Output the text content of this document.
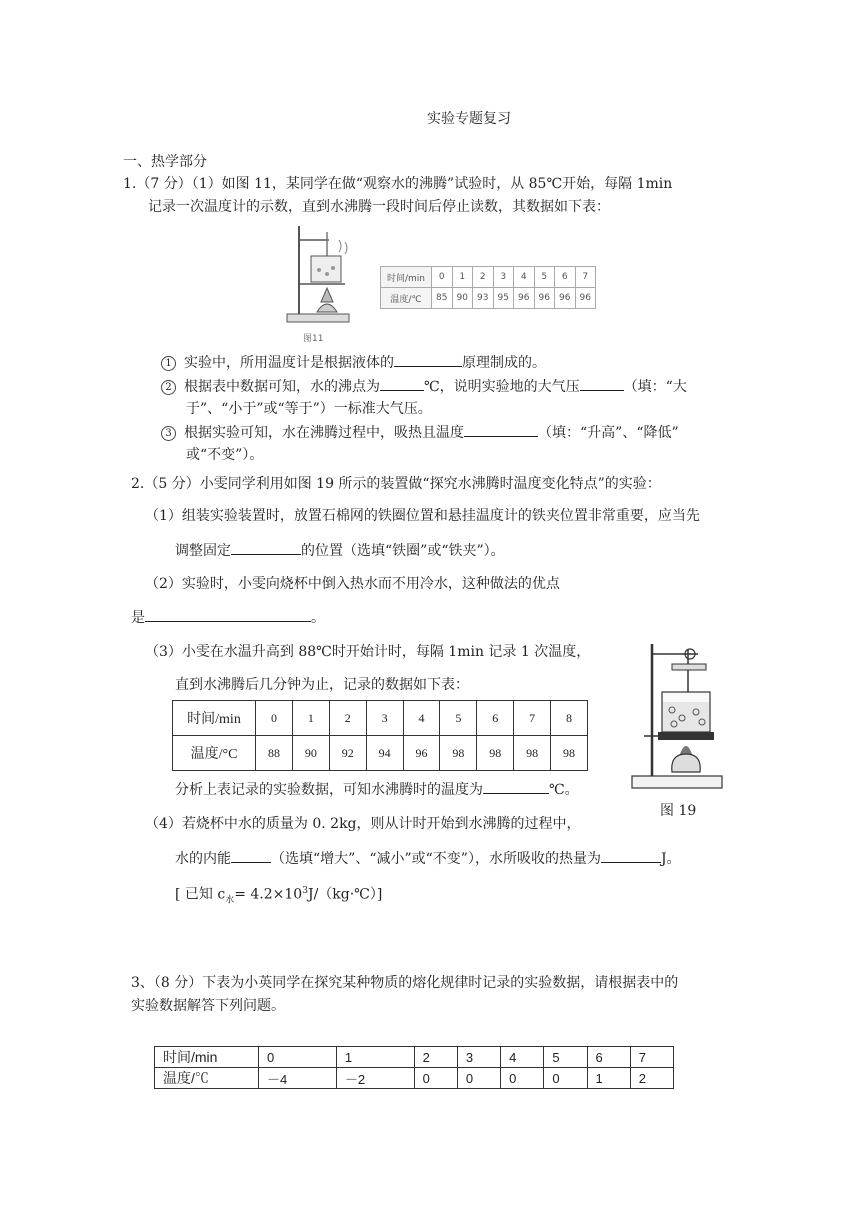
实验专题复习
一、热学部分
1.（7 分）（1）如图 11，某同学在做“观察水的沸腾”试验时，从 85℃开始，每隔 1min
记录一次温度计的示数，直到水沸腾一段时间后停止读数，其数据如下表：
图11
时间/min	0	1	2	3	4	5	6	7
温度/℃	85	90	93	95	96	96	96	96
1 实验中，所用温度计是根据液体的	原理制成的。
2 根据表中数据可知，水的沸点为	℃，说明实验地的大气压	（填：“大
于”、“小于”或“等于”）一标准大气压。
3 根据实验可知，水在沸腾过程中，吸热且温度	（填：“升高”、“降低”
或“不变”）。
2.（5 分）小雯同学利用如图 19 所示的装置做“探究水沸腾时温度变化特点”的实验：
（1）组装实验装置时，放置石棉网的铁圈位置和悬挂温度计的铁夹位置非常重要，应当先
调整固定	的位置（选填“铁圈”或“铁夹”）。
（2）实验时，小雯向烧杯中倒入热水而不用冷水，这种做法的优点
是	。
（3）小雯在水温升高到 88℃时开始计时，每隔 1min 记录 1 次温度，
直到水沸腾后几分钟为止，记录的数据如下表：
时间/min	0	1	2	3	4	5	6	7	8
温度/°C	88	90	92	94	96	98	98	98	98
分析上表记录的实验数据，可知水沸腾时的温度为	℃。
图 19
（4）若烧杯中水的质量为 0. 2kg，则从计时开始到水沸腾的过程中，
水的内能	（选填“增大”、“减小”或“不变”），水所吸收的热量为	J。
[ 已知 $c_水=$ $4.2\times 10^3J/(kg\cdot℃)$]
3、（8 分）下表为小英同学在探究某种物质的熔化规律时记录的实验数据，请根据表中的
实验数据解答下列问题。
时间/min	0	1	2	3	4	5	6	7
温度/℃	－4	－2	0	0	0	0	1	2
